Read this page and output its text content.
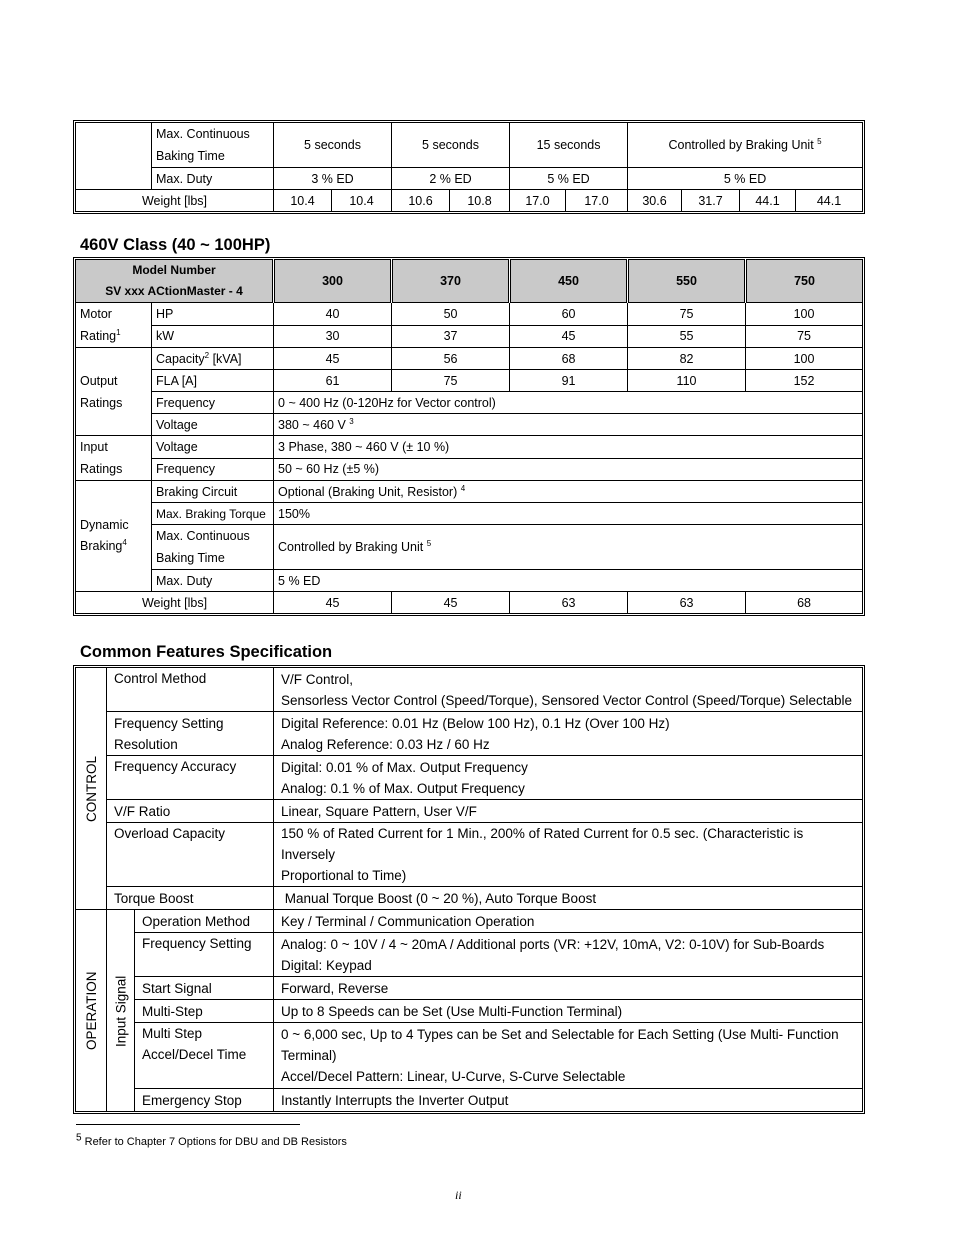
	Max. Continuous
Baking Time	5 seconds		5 seconds		15 seconds		Controlled by Braking Unit $^5$
	Max. Duty	3 % ED		2 % ED		5 % ED		5 % ED			
Weight [lbs]		10.4	10.4	10.6	10.8	17.0	17.0	30.6	31.7	44.1	44.1
460V Class (40 ~ 100HP)
Model Number
SV xxx ACtionMaster - 4		300	370	450	550	750
Motor
Rating$^1$	HP	40	50	60	75	100
	kW	30	37	45	55	75
Output
Ratings	Capacity$^2$ [kVA]	45	56	68	82	100
	FLA [A]	61	75	91	110	152
	Frequency	0 ~ 400 Hz (0-120Hz for Vector control)				
	Voltage	380 ~ 460 V $^3$
Input
Ratings	Voltage	3 Phase, 380 ~ 460 V (± 10 %)				
	Frequency	50 ~ 60 Hz (±5 %)				
Dynamic
Braking$^4$	Braking Circuit	Optional (Braking Unit, Resistor) $^4$
	Max. Braking Torque	150%				
	Max. Continuous
Baking Time	Controlled by Braking Unit $^5$
	Max. Duty	5 % ED				
Weight [lbs]		45	45	63	63	68
Common Features Specification
CONTROL	Control Method		V/F Control,
Sensorless Vector Control (Speed/Torque), Sensored Vector Control (Speed/Torque) Selectable
	Frequency Setting
Resolution		Digital Reference: 0.01 Hz (Below 100 Hz), 0.1 Hz (Over 100 Hz)
Analog Reference: 0.03 Hz / 60 Hz
	Frequency Accuracy		Digital: 0.01 % of Max. Output Frequency
Analog: 0.1 % of Max. Output Frequency
	V/F Ratio		Linear, Square Pattern, User V/F
	Overload Capacity		150 % of Rated Current for 1 Min., 200% of Rated Current for 0.5 sec. (Characteristic is Inversely
Proportional to Time)
	Torque Boost		Manual Torque Boost (0 ~ 20 %), Auto Torque Boost
OPERATION	Input Signal	Operation Method	Key / Terminal / Communication Operation
		Frequency Setting	Analog: 0 ~ 10V / 4 ~ 20mA / Additional ports (VR: +12V, 10mA, V2: 0-10V) for Sub-Boards
Digital: Keypad
		Start Signal	Forward, Reverse
		Multi-Step	Up to 8 Speeds can be Set (Use Multi-Function Terminal)
		Multi Step
Accel/Decel Time	0 ~ 6,000 sec, Up to 4 Types can be Set and Selectable for Each Setting (Use Multi- Function
Terminal)
Accel/Decel Pattern: Linear, U-Curve, S-Curve Selectable
		Emergency Stop	Instantly Interrupts the Inverter Output
$^5$ Refer to Chapter 7 Options for DBU and DB Resistors
ii
